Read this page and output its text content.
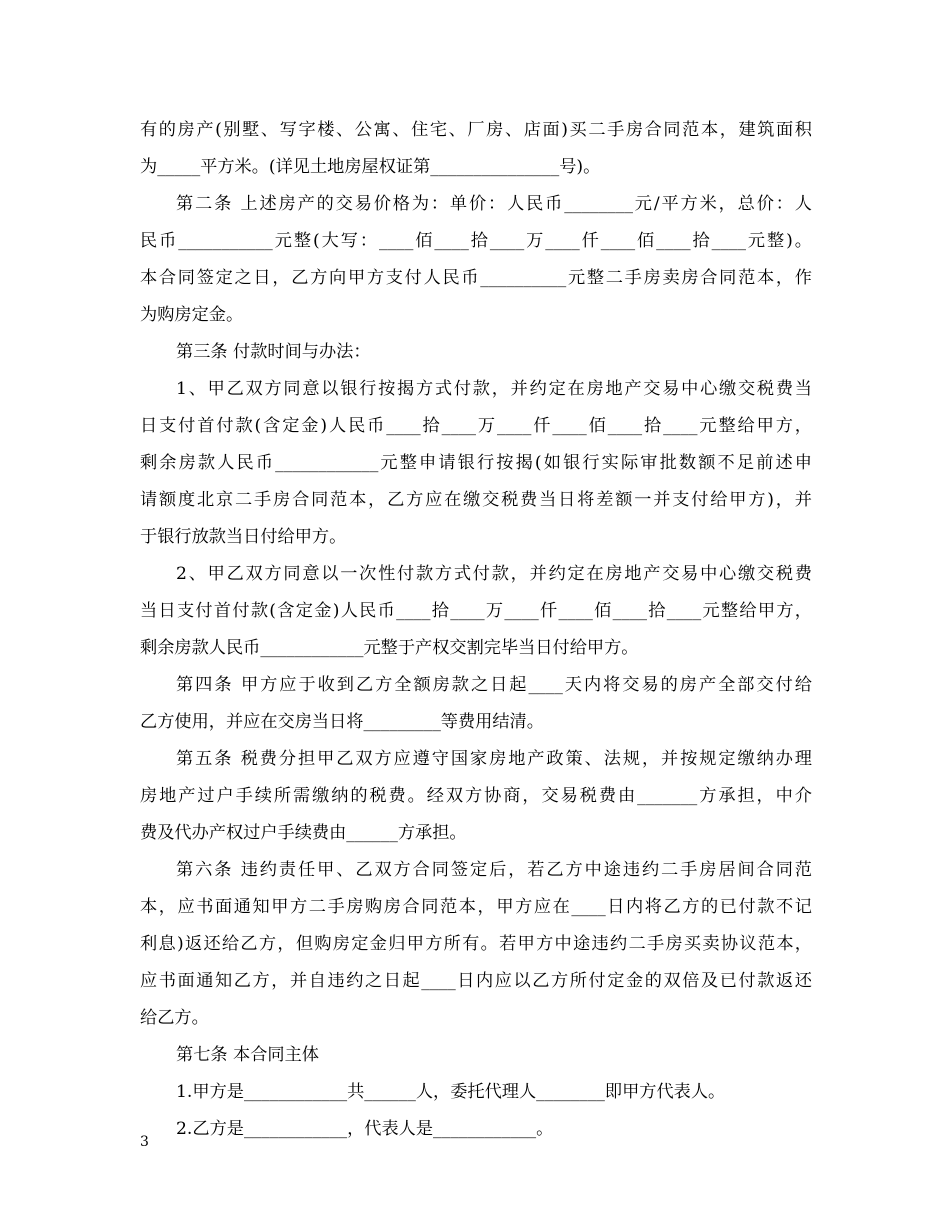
有的房产(别墅、写字楼、公寓、住宅、厂房、店面)买二手房合同范本，建筑面积
为_____平方米。(详见土地房屋权证第_______________号)。
第二条 上述房产的交易价格为：单价：人民币________元/平方米，总价：人
民币___________元整(大写：____佰____拾____万____仟____佰____拾____元整)。
本合同签定之日，乙方向甲方支付人民币__________元整二手房卖房合同范本，作
为购房定金。
第三条 付款时间与办法：
1、甲乙双方同意以银行按揭方式付款，并约定在房地产交易中心缴交税费当
日支付首付款(含定金)人民币____拾____万____仟____佰____拾____元整给甲方，
剩余房款人民币____________元整申请银行按揭(如银行实际审批数额不足前述申
请额度北京二手房合同范本，乙方应在缴交税费当日将差额一并支付给甲方)，并
于银行放款当日付给甲方。
2、甲乙双方同意以一次性付款方式付款，并约定在房地产交易中心缴交税费
当日支付首付款(含定金)人民币____拾____万____仟____佰____拾____元整给甲方，
剩余房款人民币____________元整于产权交割完毕当日付给甲方。
第四条 甲方应于收到乙方全额房款之日起____天内将交易的房产全部交付给
乙方使用，并应在交房当日将_________等费用结清。
第五条 税费分担甲乙双方应遵守国家房地产政策、法规，并按规定缴纳办理
房地产过户手续所需缴纳的税费。经双方协商，交易税费由_______方承担，中介
费及代办产权过户手续费由______方承担。
第六条 违约责任甲、乙双方合同签定后，若乙方中途违约二手房居间合同范
本，应书面通知甲方二手房购房合同范本，甲方应在____日内将乙方的已付款不记
利息)返还给乙方，但购房定金归甲方所有。若甲方中途违约二手房买卖协议范本，
应书面通知乙方，并自违约之日起____日内应以乙方所付定金的双倍及已付款返还
给乙方。
第七条 本合同主体
1.甲方是____________共______人，委托代理人________即甲方代表人。
2.乙方是____________，代表人是____________。
3
